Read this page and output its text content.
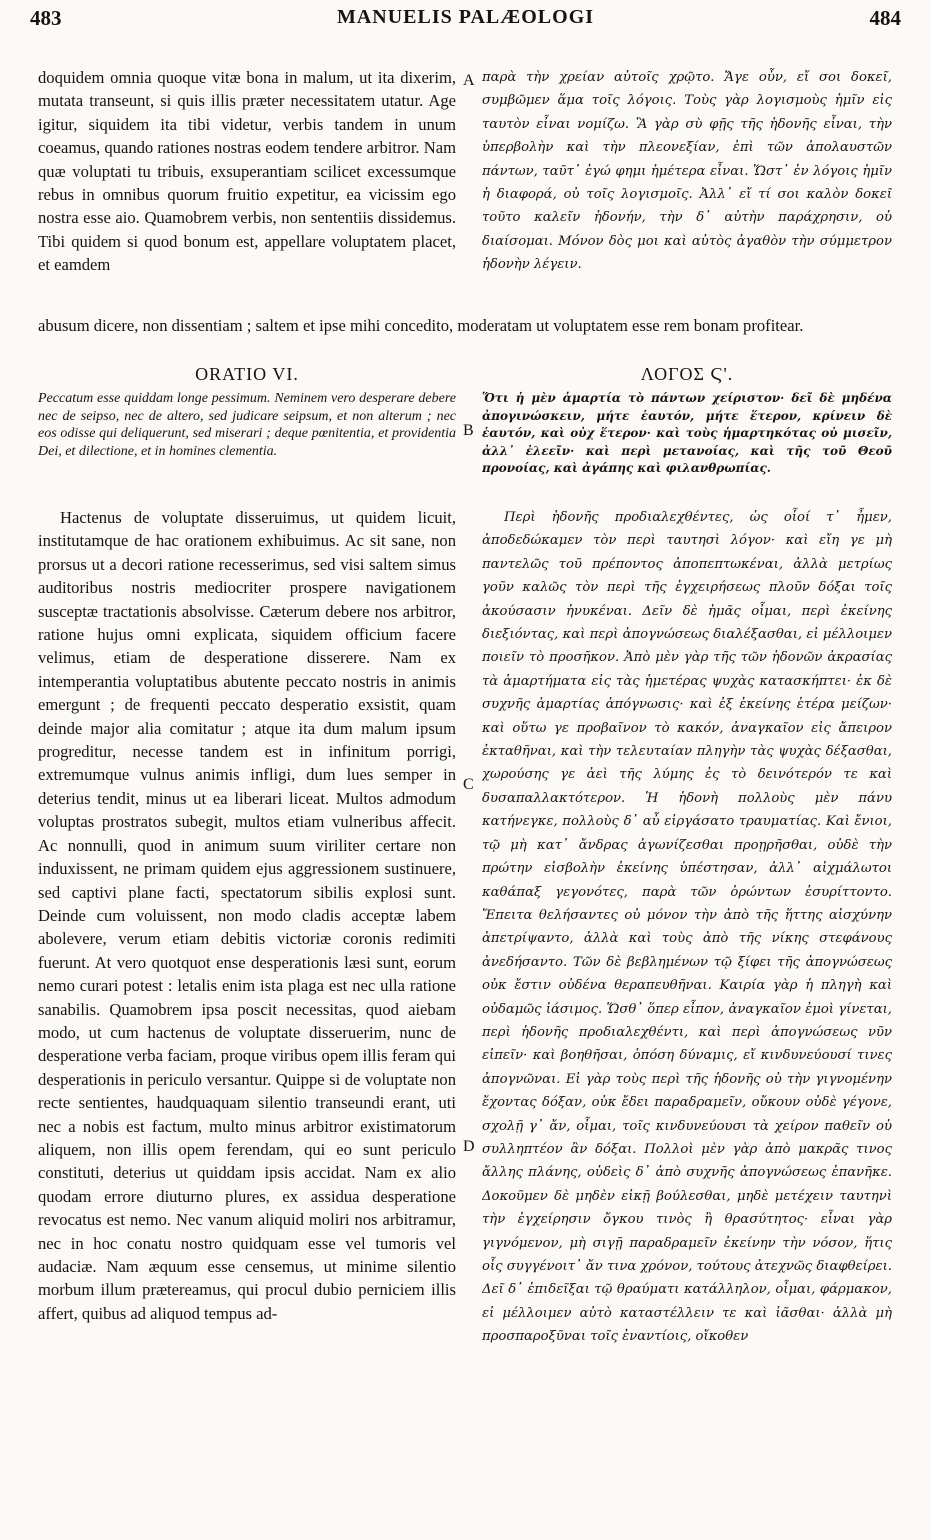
483	MANUELIS PALÆOLOGI	484

doquidem omnia quoque vitæ bona in malum, ut ita dixerim, mutata transeunt, si quis illis præter necessitatem utatur. Age igitur, siquidem ita tibi videtur, verbis tandem in unum coeamus, quando rationes nostras eodem tendere arbitror. Nam quæ voluptati tu tribuis, exsuperantiam scilicet excessumque rebus in omnibus quorum fruitio expetitur, ea vicissim ego nostra esse aio. Quamobrem verbis, non sententiis dissidemus. Tibi quidem si quod bonum est, appellare voluptatem placet, et eamdem

παρὰ τὴν χρείαν αὐτοῖς χρῷτο. Ἄγε οὖν, εἴ σοι δοκεῖ, συμβῶμεν ἅμα τοῖς λόγοις. Τοὺς γὰρ λογισμοὺς ἡμῖν εἰς ταυτὸν εἶναι νομίζω. Ἃ γὰρ σὺ φῇς τῆς ἡδονῆς εἶναι, τὴν ὑπερβολὴν καὶ τὴν πλεονεξίαν, ἐπὶ τῶν ἀπολαυστῶν πάντων, ταῦτ᾽ ἐγώ φημι ἡμέτερα εἶναι. Ὥστ᾽ ἐν λόγοις ἡμῖν ἡ διαφορά, οὐ τοῖς λογισμοῖς. Ἀλλ᾽ εἴ τί σοι καλὸν δοκεῖ τοῦτο καλεῖν ἡδονήν, τὴν δ᾽ αὐτὴν παράχρησιν, οὐ διαίσομαι. Μόνον δὸς μοι καὶ αὐτὸς ἀγαθὸν τὴν σύμμετρον ἡδονὴν λέγειν.

abusum dicere, non dissentiam ; saltem et ipse mihi concedito, moderatam ut voluptatem esse rem bonam profitear.

ORATIO VI.	ΛΟΓΟΣ Ϛ'.

Peccatum esse quiddam longe pessimum. Neminem vero desperare debere nec de seipso, nec de altero, sed judicare seipsum, et non alterum ; nec eos odisse qui deliquerunt, sed miserari ; deque pœnitentia, et providentia Dei, et dilectione, et in homines clementia.

Ὅτι ἡ μὲν ἁμαρτία τὸ πάντων χείριστον· δεῖ δὲ μηδένα ἀπογινώσκειν, μήτε ἑαυτόν, μήτε ἕτερον, κρίνειν δὲ ἑαυτόν, καὶ οὐχ ἕτερον· καὶ τοὺς ἡμαρτηκότας οὐ μισεῖν, ἀλλ᾽ ἐλεεῖν· καὶ περὶ μετανοίας, καὶ τῆς τοῦ Θεοῦ προνοίας, καὶ ἀγάπης καὶ φιλανθρωπίας.

Hactenus de voluptate disseruimus, ut quidem licuit, institutamque de hac orationem exhibuimus. Ac sit sane, non prorsus ut a decori ratione recesserimus, sed visi saltem simus auditoribus nostris mediocriter prospere navigationem susceptæ tractationis absolvisse. Cæterum debere nos arbitror, ratione hujus omni explicata, siquidem officium facere velimus, etiam de desperatione disserere. Nam ex intemperantia voluptatibus abutente peccato nostris in animis emergunt ; de frequenti peccato desperatio exsistit, quam deinde major alia comitatur ; atque ita dum malum ipsum progreditur, necesse tandem est in infinitum porrigi, extremumque vulnus animis infligi, dum lues semper in deterius tendit, minus ut ea liberari liceat. Multos admodum voluptas prostratos subegit, multos etiam vulneribus affecit. Ac nonnulli, quod in animum suum viriliter certare non induxissent, ne primam quidem ejus aggressionem sustinuere, sed captivi plane facti, spectatorum sibilis explosi sunt. Deinde cum voluissent, non modo cladis acceptæ labem abolevere, verum etiam debitis victoriæ coronis redimiti fuerunt. At vero quotquot ense desperationis læsi sunt, eorum nemo curari potest : letalis enim ista plaga est nec ulla ratione sanabilis. Quamobrem ipsa poscit necessitas, quod aiebam modo, ut cum hactenus de voluptate disseruerim, nunc de desperatione verba faciam, proque viribus opem illis feram qui desperationis in periculo versantur. Quippe si de voluptate non recte sentientes, haudquaquam silentio transeundi erant, uti nec a nobis est factum, multo minus arbitror existimatorum aliquem, non illis opem ferendam, qui eo sunt periculo constituti, deterius ut quiddam ipsis accidat. Nam ex alio quodam errore diuturno plures, ex assidua desperatione revocatus est nemo. Nec vanum aliquid moliri nos arbitramur, nec in hoc conatu nostro quidquam esse vel tumoris vel audaciæ. Nam æquum esse censemus, ut minime silentio morbum illum prætereamus, qui procul dubio perniciem illis affert, quibus ad aliquod tempus ad-

Περὶ ἡδονῆς προδιαλεχθέντες, ὡς οἷοί τ᾽ ἦμεν, ἀποδεδώκαμεν τὸν περὶ ταυτησὶ λόγον· καὶ εἴη γε μὴ παντελῶς τοῦ πρέποντος ἀποπεπτωκέναι, ἀλλὰ μετρίως γοῦν καλῶς τὸν περὶ τῆς ἐγχειρήσεως πλοῦν δόξαι τοῖς ἀκούσασιν ἠνυκέναι. Δεῖν δὲ ἡμᾶς οἶμαι, περὶ ἐκείνης διεξιόντας, καὶ περὶ ἀπογνώσεως διαλέξασθαι, εἰ μέλλοιμεν ποιεῖν τὸ προσῆκον. Ἀπὸ μὲν γὰρ τῆς τῶν ἡδονῶν ἀκρασίας τὰ ἁμαρτήματα εἰς τὰς ἡμετέρας ψυχὰς κατασκήπτει· ἐκ δὲ συχνῆς ἁμαρτίας ἀπόγνωσις· καὶ ἐξ ἐκείνης ἑτέρα μείζων· καὶ οὕτω γε προβαῖνον τὸ κακόν, ἀναγκαῖον εἰς ἄπειρον ἐκταθῆναι, καὶ τὴν τελευταίαν πληγὴν τὰς ψυχὰς δέξασθαι, χωρούσης γε ἀεὶ τῆς λύμης ἐς τὸ δεινότερόν τε καὶ δυσαπαλλακτότερον. Ἡ ἡδονὴ πολλοὺς μὲν πάνυ κατήνεγκε, πολλοὺς δ᾽ αὖ εἰργάσατο τραυματίας. Καὶ ἔνιοι, τῷ μὴ κατ᾽ ἄνδρας ἀγωνίζεσθαι προῃρῆσθαι, οὐδὲ τὴν πρώτην εἰσβολὴν ἐκείνης ὑπέστησαν, ἀλλ᾽ αἰχμάλωτοι καθάπαξ γεγονότες, παρὰ τῶν ὁρώντων ἐσυρίττοντο. Ἔπειτα θελήσαντες οὐ μόνον τὴν ἀπὸ τῆς ἥττης αἰσχύνην ἀπετρίψαντο, ἀλλὰ καὶ τοὺς ἀπὸ τῆς νίκης στεφάνους ἀνεδήσαντο. Τῶν δὲ βεβλημένων τῷ ξίφει τῆς ἀπογνώσεως οὐκ ἔστιν οὐδένα θεραπευθῆναι. Καιρία γὰρ ἡ πληγὴ καὶ οὐδαμῶς ἰάσιμος. Ὥσθ᾽ ὅπερ εἶπον, ἀναγκαῖον ἐμοὶ γίνεται, περὶ ἡδονῆς προδιαλεχθέντι, καὶ περὶ ἀπογνώσεως νῦν εἰπεῖν· καὶ βοηθῆσαι, ὁπόση δύναμις, εἴ κινδυνεύουσί τινες ἀπογνῶναι. Εἰ γὰρ τοὺς περὶ τῆς ἡδονῆς οὐ τὴν γιγνομένην ἔχοντας δόξαν, οὐκ ἔδει παραδραμεῖν, οὔκουν οὐδὲ γέγονε, σχολῇ γ᾽ ἄν, οἶμαι, τοῖς κινδυνεύουσι τὰ χείρον παθεῖν οὐ συλληπτέον ἂν δόξαι. Πολλοὶ μὲν γὰρ ἀπὸ μακρᾶς τινος ἄλλης πλάνης, οὐδεὶς δ᾽ ἀπὸ συχνῆς ἀπογνώσεως ἐπανῆκε. Δοκοῦμεν δὲ μηδὲν εἰκῇ βούλεσθαι, μηδὲ μετέχειν ταυτηνὶ τὴν ἐγχείρησιν ὄγκου τινὸς ἢ θρασύτητος· εἶναι γὰρ γιγνόμενον, μὴ σιγῇ παραδραμεῖν ἐκείνην τὴν νόσον, ἥτις οἷς συγγένοιτ᾽ ἄν τινα χρόνον, τούτους ἀτεχνῶς διαφθείρει. Δεῖ δ᾽ ἐπιδεῖξαι τῷ θραύματι κατάλληλον, οἶμαι, φάρμακον, εἰ μέλλοιμεν αὐτὸ καταστέλλειν τε καὶ ἰᾶσθαι· ἀλλὰ μὴ προσπαροξῦναι τοῖς ἐναντίοις, οἴκοθεν

A
B
C
D
